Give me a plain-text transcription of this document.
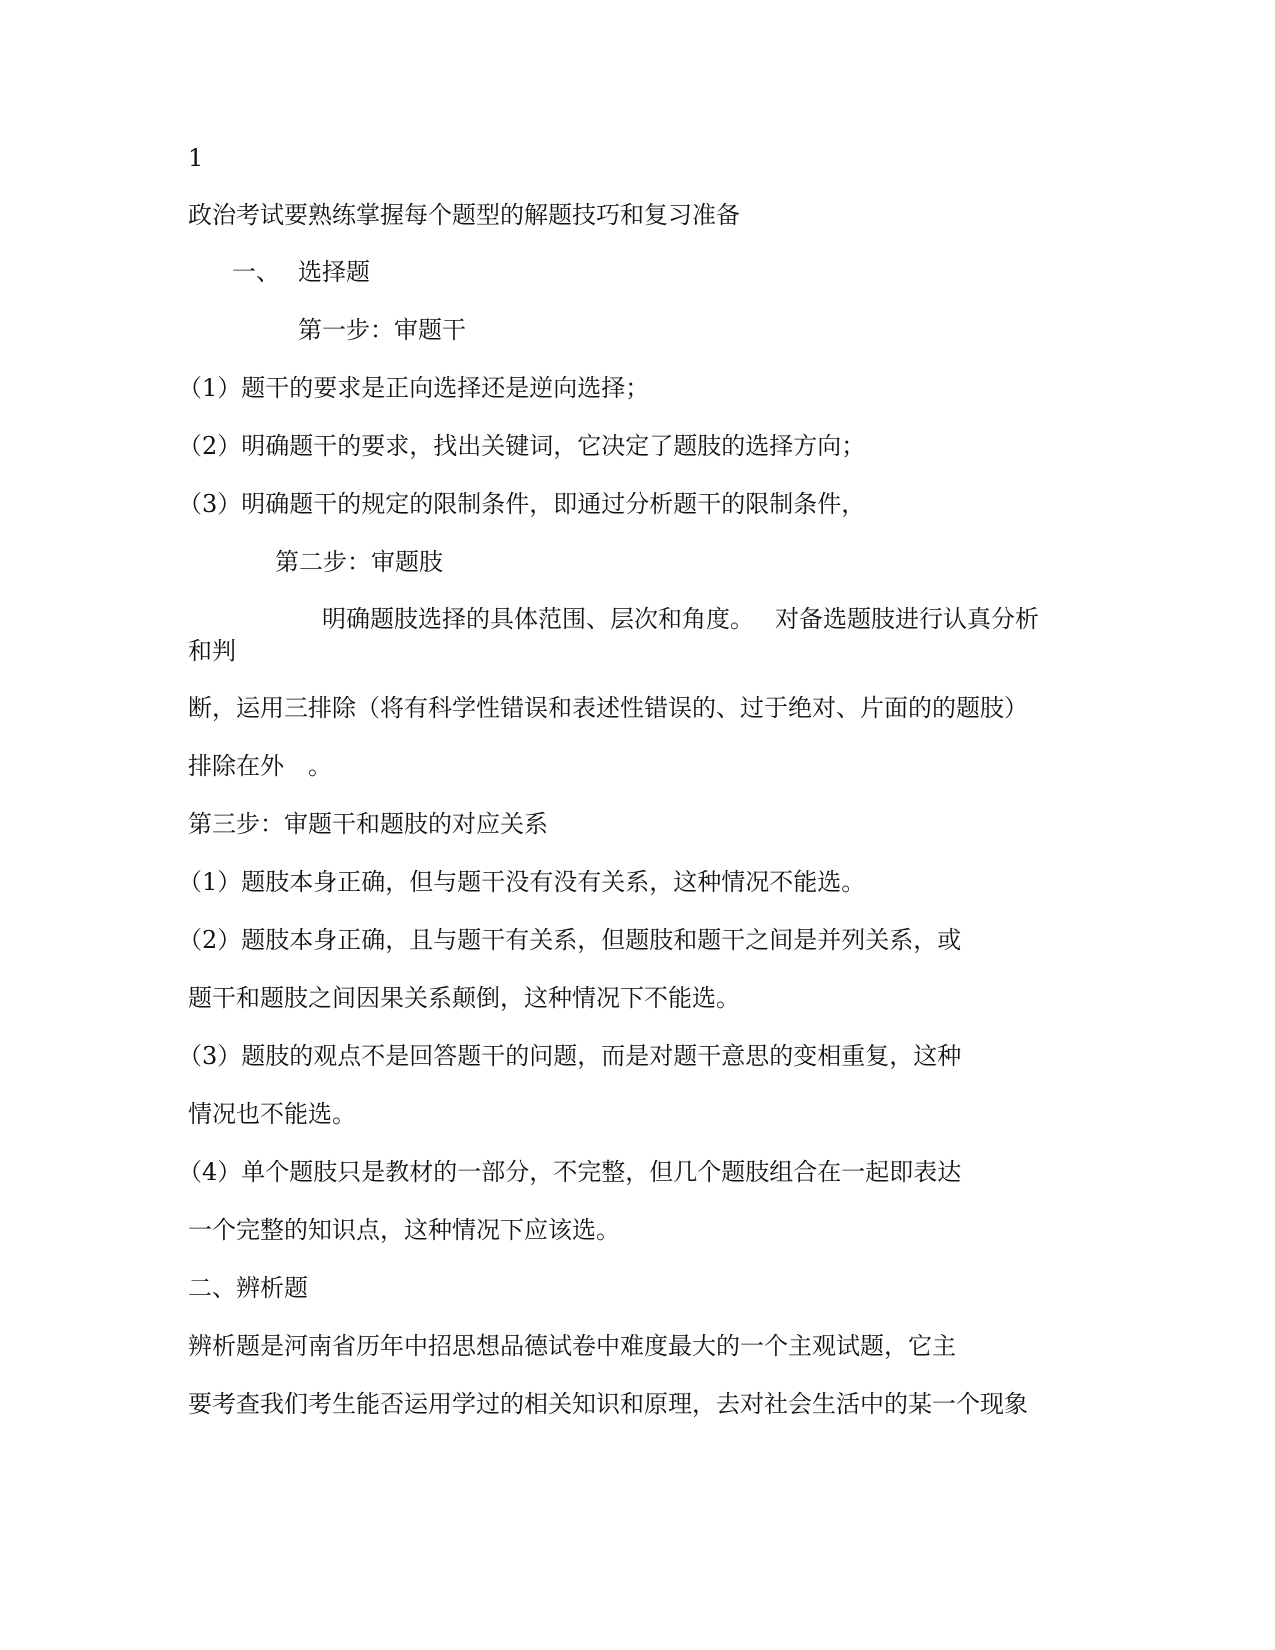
1
政治考试要熟练掌握每个题型的解题技巧和复习准备
一、 选择题
第一步：审题干
（1）题干的要求是正向选择还是逆向选择；
（2）明确题干的要求，找出关键词，它决定了题肢的选择方向；
（3）明确题干的规定的限制条件，即通过分析题干的限制条件，
第二步：审题肢
明确题肢选择的具体范围、层次和角度。 对备选题肢进行认真分析
和判
断，运用三排除（将有科学性错误和表述性错误的、过于绝对、片面的的题肢）
排除在外　。
第三步：审题干和题肢的对应关系
（1）题肢本身正确，但与题干没有没有关系，这种情况不能选。
（2）题肢本身正确，且与题干有关系，但题肢和题干之间是并列关系，或
题干和题肢之间因果关系颠倒，这种情况下不能选。
（3）题肢的观点不是回答题干的问题，而是对题干意思的变相重复，这种
情况也不能选。
（4）单个题肢只是教材的一部分，不完整，但几个题肢组合在一起即表达
一个完整的知识点，这种情况下应该选。
二、辨析题
辨析题是河南省历年中招思想品德试卷中难度最大的一个主观试题，它主
要考查我们考生能否运用学过的相关知识和原理，去对社会生活中的某一个现象
